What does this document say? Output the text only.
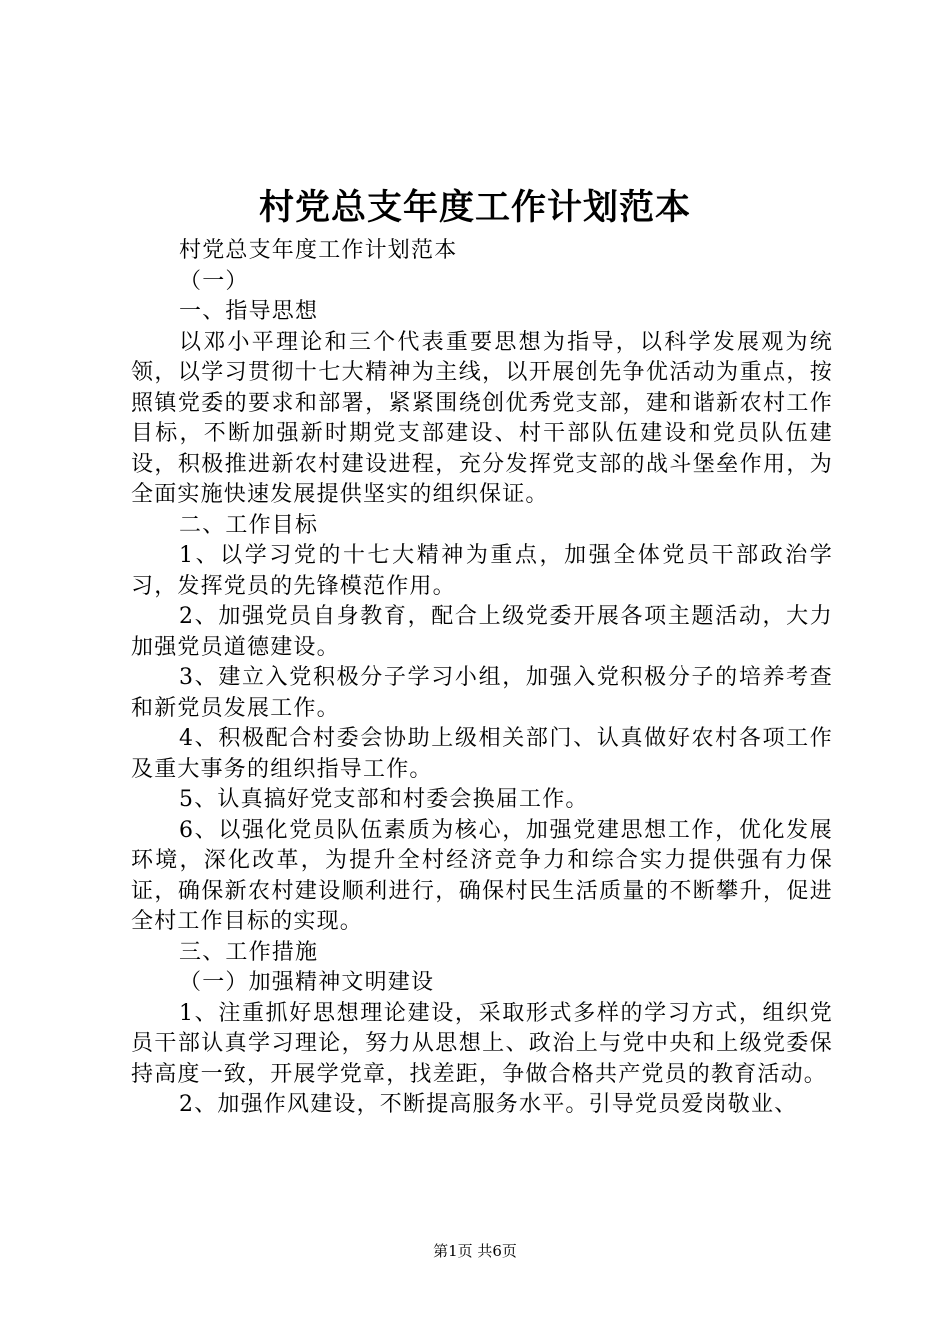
村党总支年度工作计划范本

村党总支年度工作计划范本

（一）

一、指导思想

以邓小平理论和三个代表重要思想为指导，以科学发展观为统领，以学习贯彻十七大精神为主线，以开展创先争优活动为重点，按照镇党委的要求和部署，紧紧围绕创优秀党支部，建和谐新农村工作目标，不断加强新时期党支部建设、村干部队伍建设和党员队伍建设，积极推进新农村建设进程，充分发挥党支部的战斗堡垒作用，为全面实施快速发展提供坚实的组织保证。

二、工作目标

1、以学习党的十七大精神为重点，加强全体党员干部政治学习，发挥党员的先锋模范作用。

2、加强党员自身教育，配合上级党委开展各项主题活动，大力加强党员道德建设。

3、建立入党积极分子学习小组，加强入党积极分子的培养考查和新党员发展工作。

4、积极配合村委会协助上级相关部门、认真做好农村各项工作及重大事务的组织指导工作。

5、认真搞好党支部和村委会换届工作。

6、以强化党员队伍素质为核心，加强党建思想工作，优化发展环境，深化改革，为提升全村经济竞争力和综合实力提供强有力保证，确保新农村建设顺利进行，确保村民生活质量的不断攀升，促进全村工作目标的实现。

三、工作措施

（一）加强精神文明建设

1、注重抓好思想理论建设，采取形式多样的学习方式，组织党员干部认真学习理论，努力从思想上、政治上与党中央和上级党委保持高度一致，开展学党章，找差距，争做合格共产党员的教育活动。

2、加强作风建设，不断提高服务水平。引导党员爱岗敬业、

第1页 共6页
